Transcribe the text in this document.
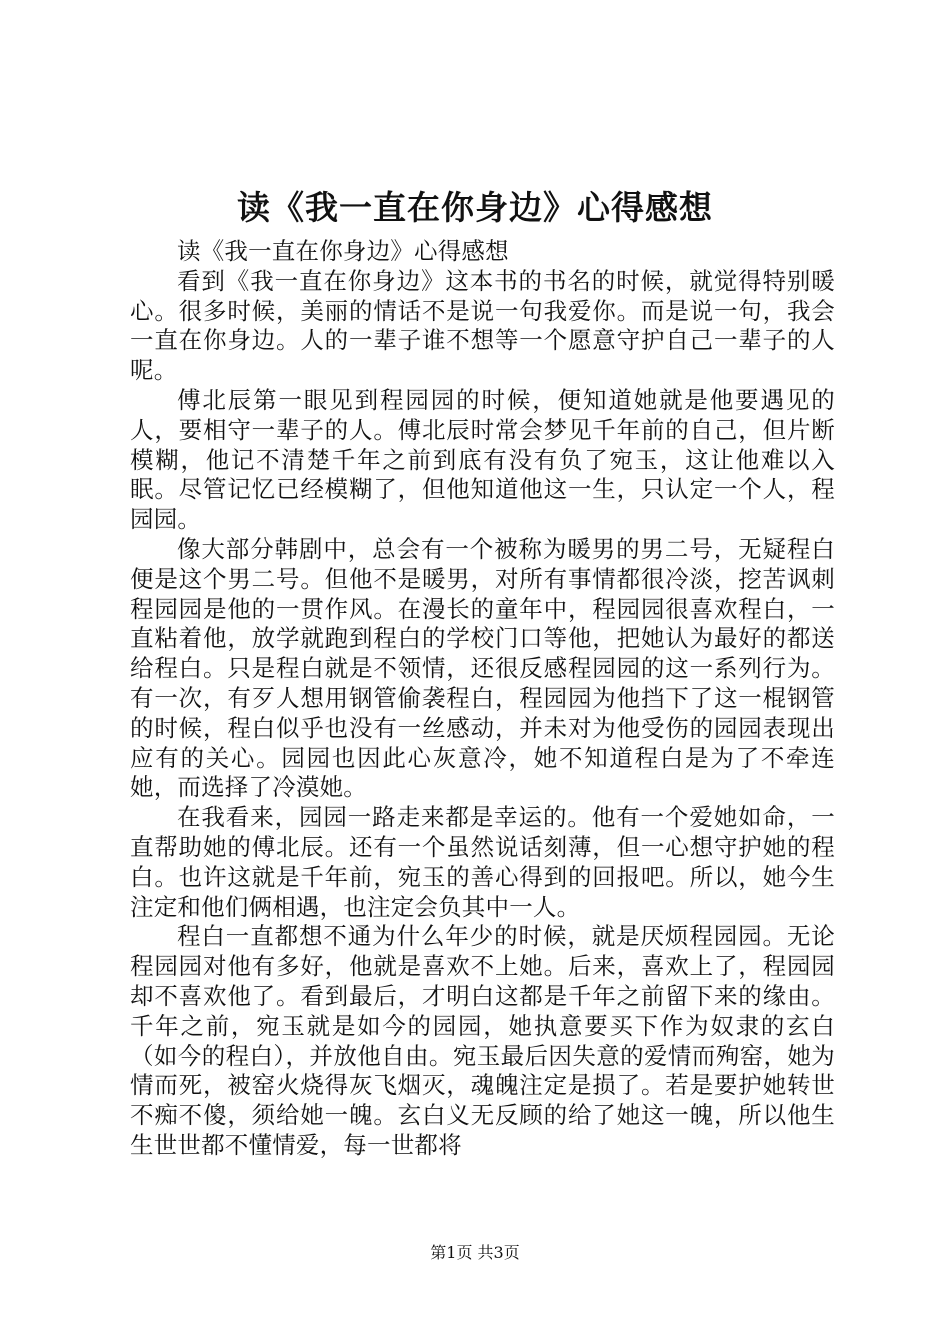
读《我一直在你身边》心得感想

读《我一直在你身边》心得感想

看到《我一直在你身边》这本书的书名的时候，就觉得特别暖心。很多时候，美丽的情话不是说一句我爱你。而是说一句，我会一直在你身边。人的一辈子谁不想等一个愿意守护自己一辈子的人呢。

傅北辰第一眼见到程园园的时候，便知道她就是他要遇见的人，要相守一辈子的人。傅北辰时常会梦见千年前的自己，但片断模糊，他记不清楚千年之前到底有没有负了宛玉，这让他难以入眠。尽管记忆已经模糊了，但他知道他这一生，只认定一个人，程园园。

像大部分韩剧中，总会有一个被称为暖男的男二号，无疑程白便是这个男二号。但他不是暖男，对所有事情都很冷淡，挖苦讽刺程园园是他的一贯作风。在漫长的童年中，程园园很喜欢程白，一直粘着他，放学就跑到程白的学校门口等他，把她认为最好的都送给程白。只是程白就是不领情，还很反感程园园的这一系列行为。有一次，有歹人想用钢管偷袭程白，程园园为他挡下了这一棍钢管的时候，程白似乎也没有一丝感动，并未对为他受伤的园园表现出应有的关心。园园也因此心灰意冷，她不知道程白是为了不牵连她，而选择了冷漠她。

在我看来，园园一路走来都是幸运的。他有一个爱她如命，一直帮助她的傅北辰。还有一个虽然说话刻薄，但一心想守护她的程白。也许这就是千年前，宛玉的善心得到的回报吧。所以，她今生注定和他们俩相遇，也注定会负其中一人。

程白一直都想不通为什么年少的时候，就是厌烦程园园。无论程园园对他有多好，他就是喜欢不上她。后来，喜欢上了，程园园却不喜欢他了。看到最后，才明白这都是千年之前留下来的缘由。千年之前，宛玉就是如今的园园，她执意要买下作为奴隶的玄白（如今的程白），并放他自由。宛玉最后因失意的爱情而殉窑，她为情而死，被窑火烧得灰飞烟灭，魂魄注定是损了。若是要护她转世不痴不傻，须给她一魄。玄白义无反顾的给了她这一魄，所以他生生世世都不懂情爱，每一世都将

第1页 共3页
